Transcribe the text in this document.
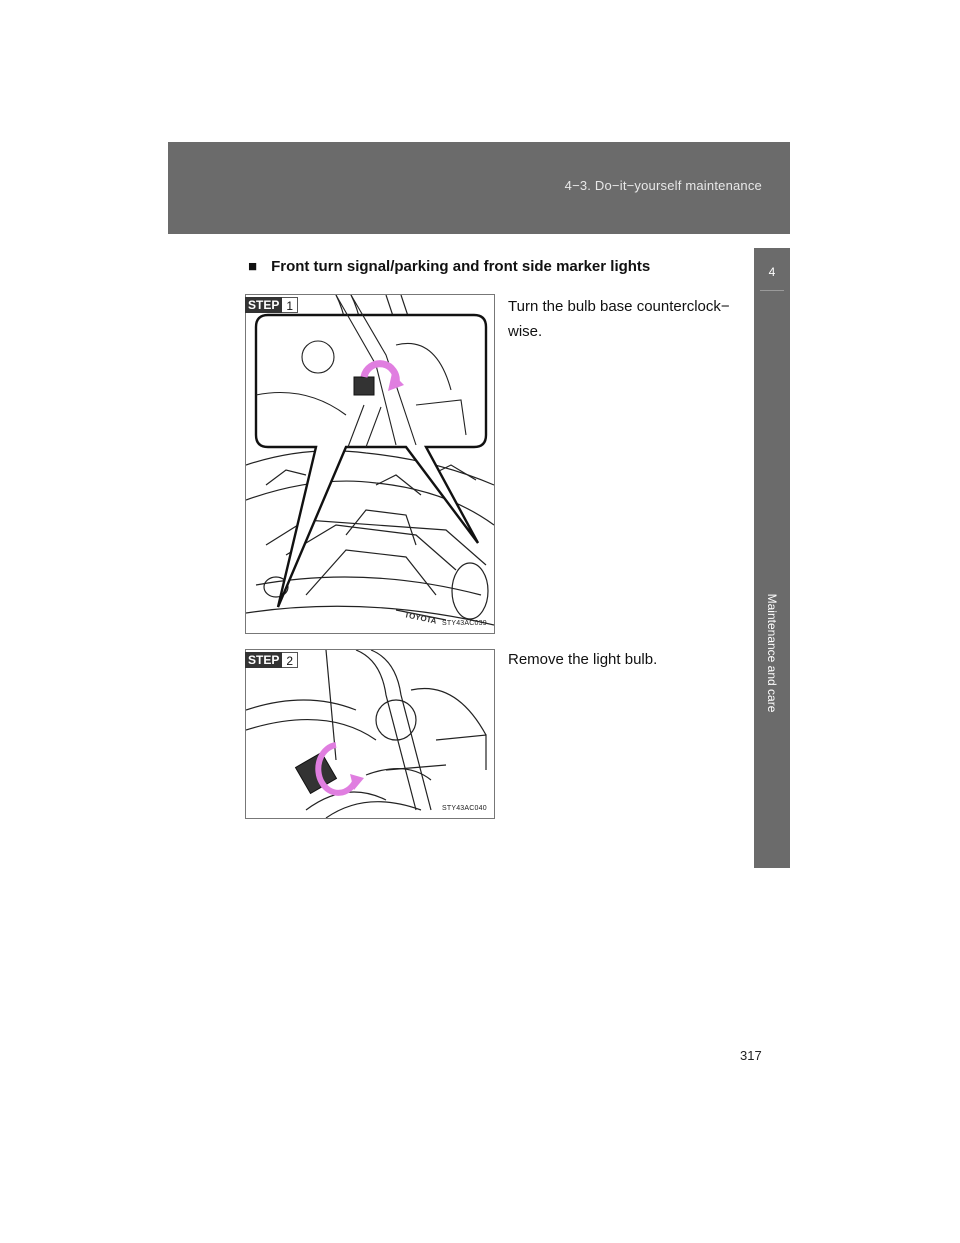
4−3. Do−it−yourself maintenance
4
Maintenance and care
■ Front turn signal/parking and front side marker lights
TOYOTA
STEP 1
STY43AC039
Turn the bulb base counterclock− wise.
STEP 2
STY43AC040
Remove the light bulb.
317
